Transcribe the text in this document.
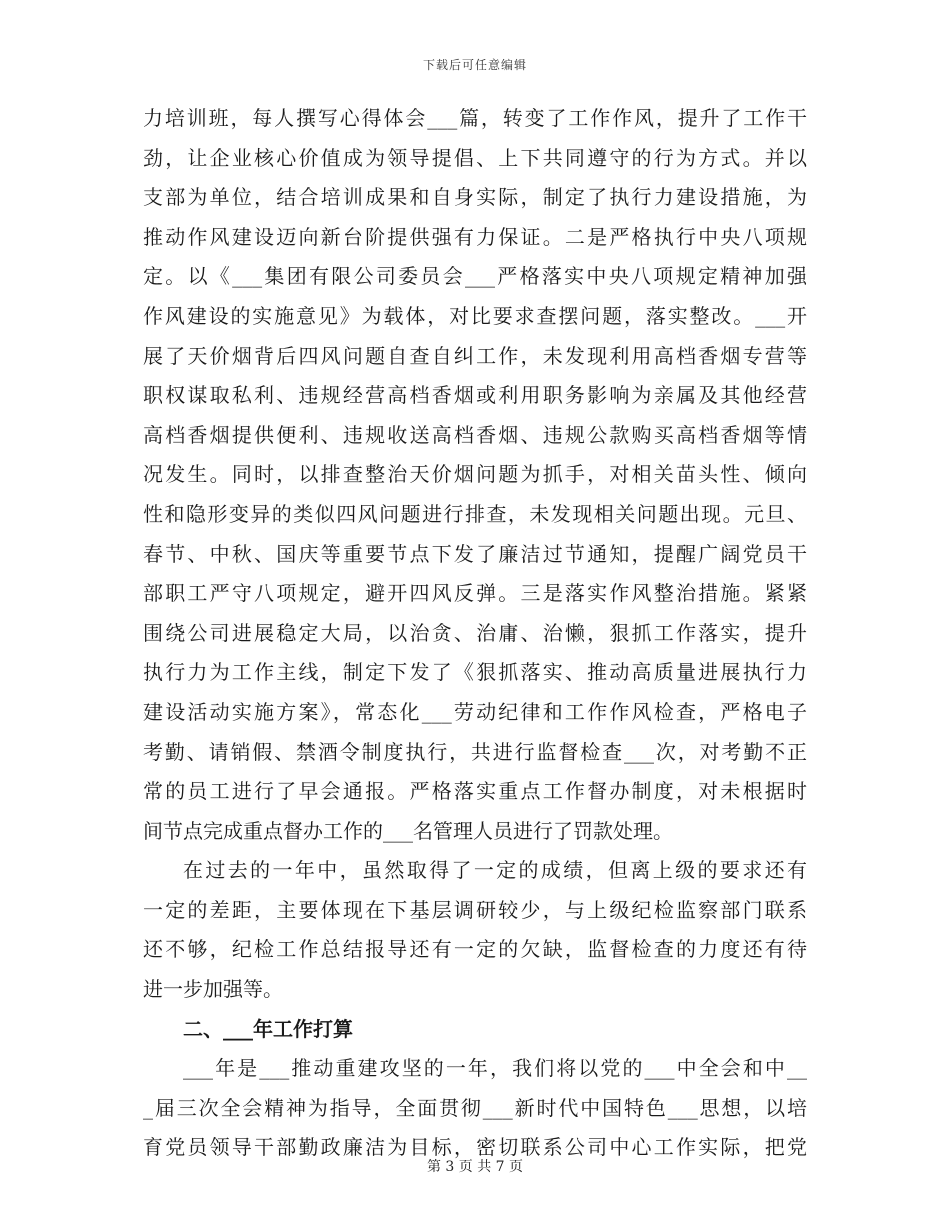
下载后可任意编辑
力培训班，每人撰写心得体会___篇，转变了工作作风，提升了工作干
劲，让企业核心价值成为领导提倡、上下共同遵守的行为方式。并以
支部为单位，结合培训成果和自身实际，制定了执行力建设措施，为
推动作风建设迈向新台阶提供强有力保证。二是严格执行中央八项规
定。以《___集团有限公司委员会___严格落实中央八项规定精神加强
作风建设的实施意见》为载体，对比要求查摆问题，落实整改。___开
展了天价烟背后四风问题自查自纠工作，未发现利用高档香烟专营等
职权谋取私利、违规经营高档香烟或利用职务影响为亲属及其他经营
高档香烟提供便利、违规收送高档香烟、违规公款购买高档香烟等情
况发生。同时，以排查整治天价烟问题为抓手，对相关苗头性、倾向
性和隐形变异的类似四风问题进行排查，未发现相关问题出现。元旦、
春节、中秋、国庆等重要节点下发了廉洁过节通知，提醒广阔党员干
部职工严守八项规定，避开四风反弹。三是落实作风整治措施。紧紧
围绕公司进展稳定大局，以治贪、治庸、治懒，狠抓工作落实，提升
执行力为工作主线，制定下发了《狠抓落实、推动高质量进展执行力
建设活动实施方案》，常态化___劳动纪律和工作作风检查，严格电子
考勤、请销假、禁酒令制度执行，共进行监督检查___次，对考勤不正
常的员工进行了早会通报。严格落实重点工作督办制度，对未根据时
间节点完成重点督办工作的___名管理人员进行了罚款处理。
在过去的一年中，虽然取得了一定的成绩，但离上级的要求还有
一定的差距，主要体现在下基层调研较少，与上级纪检监察部门联系
还不够，纪检工作总结报导还有一定的欠缺，监督检查的力度还有待
进一步加强等。
二、___年工作打算
___年是___推动重建攻坚的一年，我们将以党的___中全会和中__
_届三次全会精神为指导，全面贯彻___新时代中国特色___思想，以培
育党员领导干部勤政廉洁为目标，密切联系公司中心工作实际，把党
第 3 页 共 7 页
